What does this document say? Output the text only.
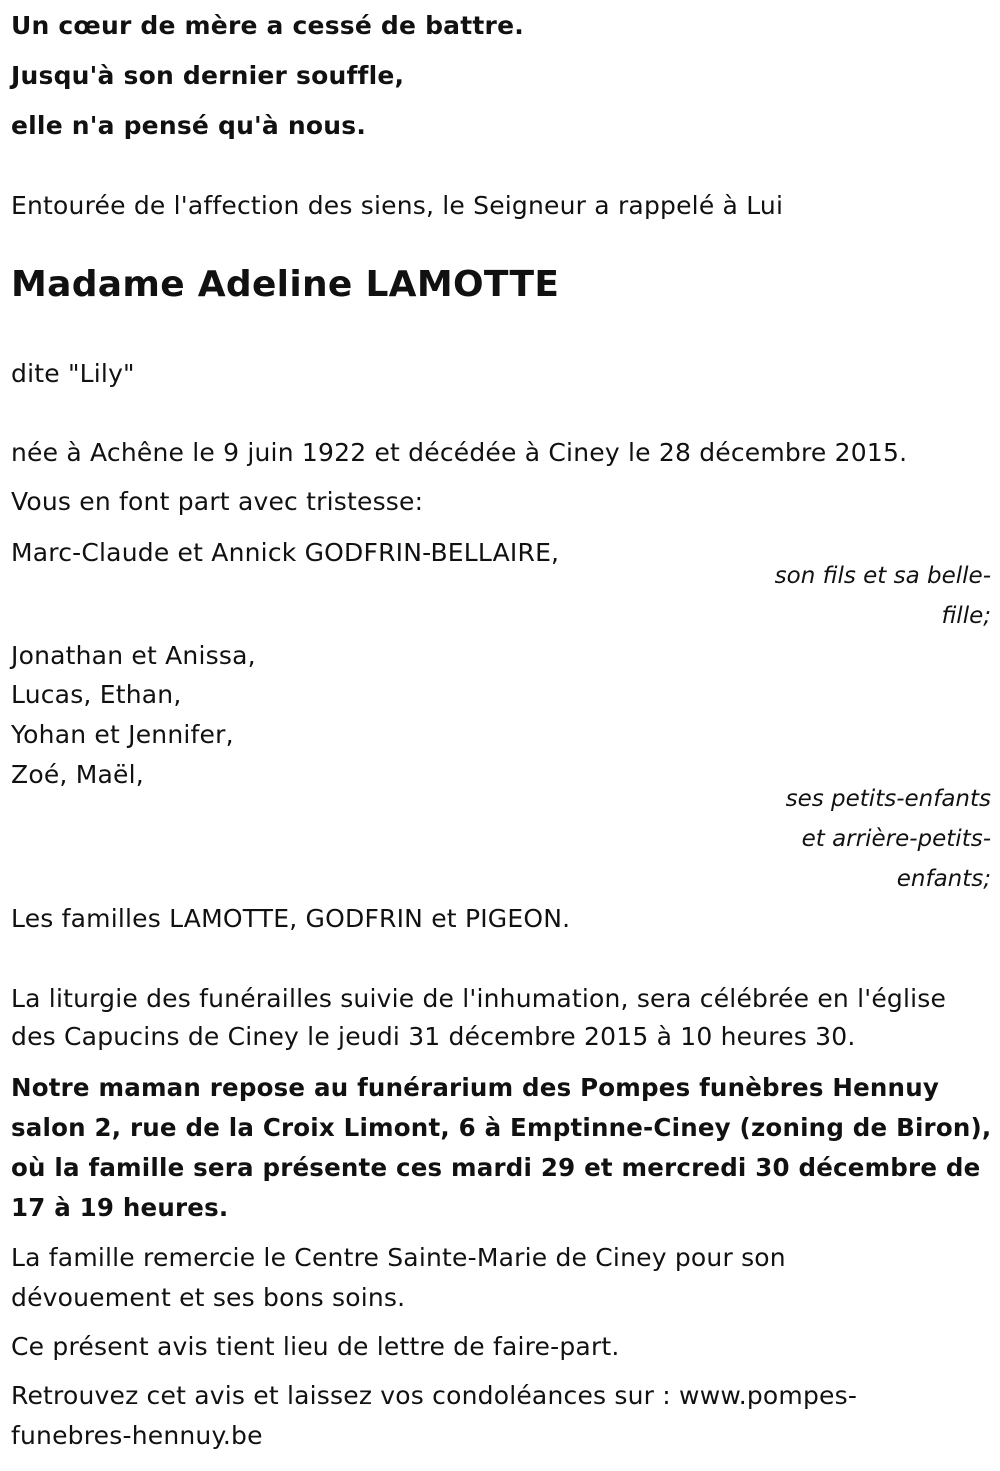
Un cœur de mère a cessé de battre.
Jusqu'à son dernier souffle,
elle n'a pensé qu'à nous.
Entourée de l'affection des siens, le Seigneur a rappelé à Lui
Madame Adeline LAMOTTE
dite "Lily"
née à Achêne le 9 juin 1922 et décédée à Ciney le 28 décembre 2015.
Vous en font part avec tristesse:
Marc-Claude et Annick GODFRIN-BELLAIRE,
son fils et sa belle-
fille;
Jonathan et Anissa,
Lucas, Ethan,
Yohan et Jennifer,
Zoé, Maël,
ses petits-enfants
et arrière-petits-
enfants;
Les familles LAMOTTE, GODFRIN et PIGEON.
La liturgie des funérailles suivie de l'inhumation, sera célébrée en l'église
des Capucins de Ciney le jeudi 31 décembre 2015 à 10 heures 30.
Notre maman repose au funérarium des Pompes funèbres Hennuy
salon 2, rue de la Croix Limont, 6 à Emptinne-Ciney (zoning de Biron),
où la famille sera présente ces mardi 29 et mercredi 30 décembre de
17 à 19 heures.
La famille remercie le Centre Sainte-Marie de Ciney pour son
dévouement et ses bons soins.
Ce présent avis tient lieu de lettre de faire-part.
Retrouvez cet avis et laissez vos condoléances sur : www.pompes-
funebres-hennuy.be
